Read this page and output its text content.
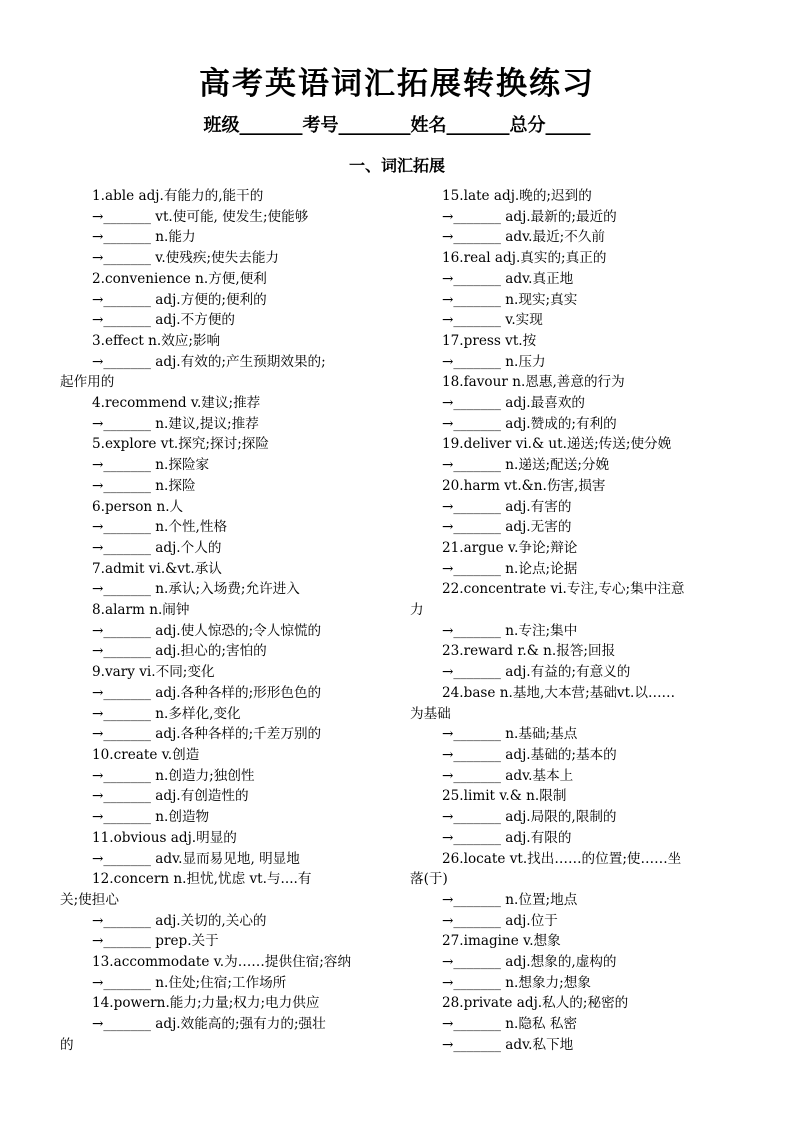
高考英语词汇拓展转换练习
班级_______考号________姓名_______总分_____
一、词汇拓展
1.able adj.有能力的,能干的
→_______ vt.使可能, 使发生;使能够
→_______ n.能力
→_______ v.使残疾;使失去能力
2.convenience n.方便,便利
→_______ adj.方便的;便利的
→_______ adj.不方便的
3.effect n.效应;影响
→_______ adj.有效的;产生预期效果的;
起作用的
4.recommend v.建议;推荐
→_______ n.建议,提议;推荐
5.explore vt.探究;探讨;探险
→_______ n.探险家
→_______ n.探险
6.person n.人
→_______ n.个性,性格
→_______ adj.个人的
7.admit vi.&vt.承认
→_______ n.承认;入场费;允许进入
8.alarm n.闹钟
→_______ adj.使人惊恐的;令人惊慌的
→_______ adj.担心的;害怕的
9.vary vi.不同;变化
→_______ adj.各种各样的;形形色色的
→_______ n.多样化,变化
→_______ adj.各种各样的;千差万别的
10.create v.创造
→_______ n.创造力;独创性
→_______ adj.有创造性的
→_______ n.创造物
11.obvious adj.明显的
→_______ adv.显而易见地, 明显地
12.concern n.担忧,忧虑 vt.与....有
关;使担心
→_______ adj.关切的,关心的
→_______ prep.关于
13.accommodate v.为……提供住宿;容纳
→_______ n.住处;住宿;工作场所
14.powern.能力;力量;权力;电力供应
→_______ adj.效能高的;强有力的;强壮
的
15.late adj.晚的;迟到的
→_______ adj.最新的;最近的
→_______ adv.最近;不久前
16.real adj.真实的;真正的
→_______ adv.真正地
→_______ n.现实;真实
→_______ v.实现
17.press vt.按
→_______ n.压力
18.favour n.恩惠,善意的行为
→_______ adj.最喜欢的
→_______ adj.赞成的;有利的
19.deliver vi.& ut.递送;传送;使分娩
→_______ n.递送;配送;分娩
20.harm vt.&n.伤害,损害
→_______ adj.有害的
→_______ adj.无害的
21.argue v.争论;辩论
→_______ n.论点;论据
22.concentrate vi.专注,专心;集中注意
力
→_______ n.专注;集中
23.reward r.& n.报答;回报
→_______ adj.有益的;有意义的
24.base n.基地,大本营;基础vt.以……
为基础
→_______ n.基础;基点
→_______ adj.基础的;基本的
→_______ adv.基本上
25.limit v.& n.限制
→_______ adj.局限的,限制的
→_______ adj.有限的
26.locate vt.找出……的位置;使……坐
落(于)
→_______ n.位置;地点
→_______ adj.位于
27.imagine v.想象
→_______ adj.想象的,虚构的
→_______ n.想象力;想象
28.private adj.私人的;秘密的
→_______ n.隐私 私密
→_______ adv.私下地
